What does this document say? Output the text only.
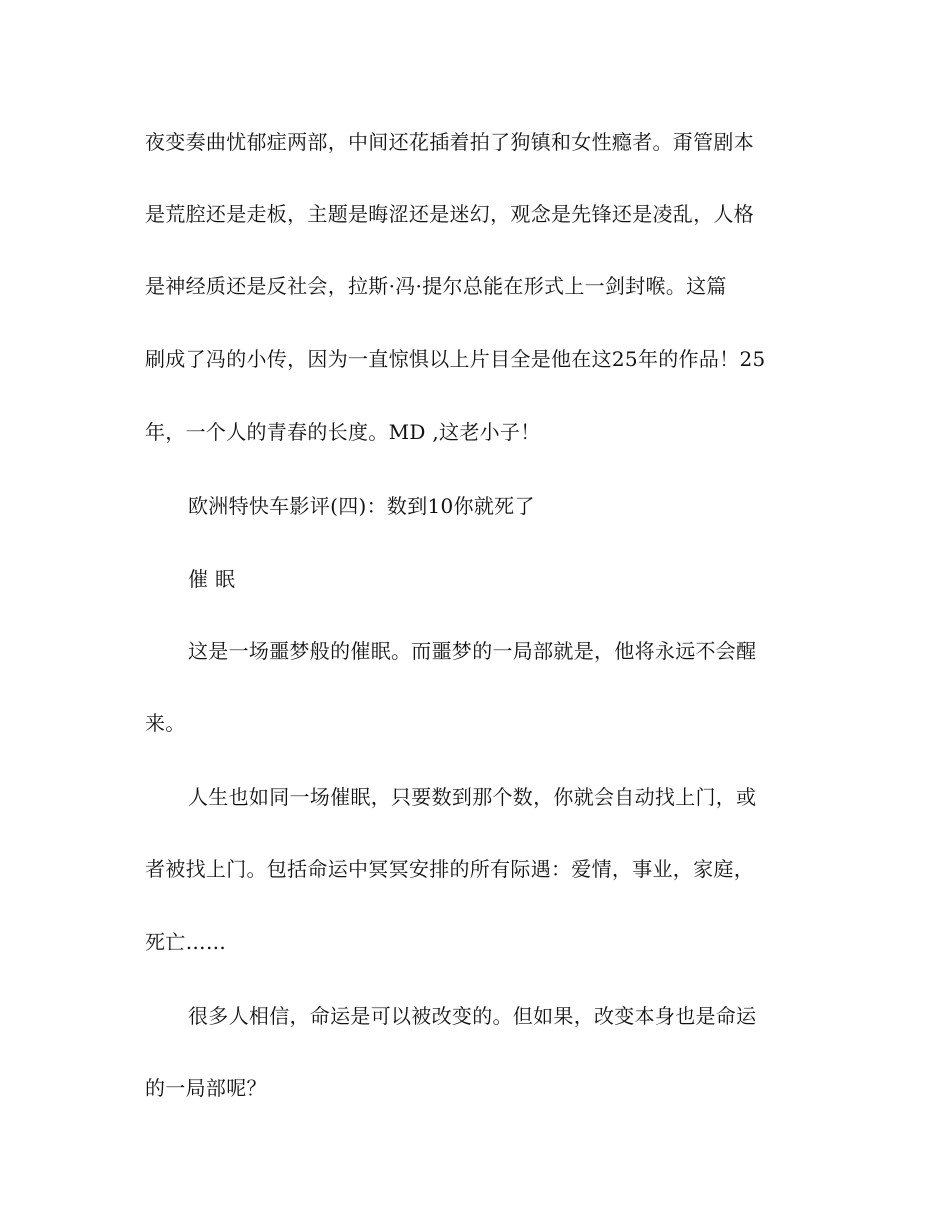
夜变奏曲忧郁症两部，中间还花插着拍了狗镇和女性瘾者。甭管剧本
是荒腔还是走板，主题是晦涩还是迷幻，观念是先锋还是凌乱，人格
是神经质还是反社会，拉斯·冯·提尔总能在形式上一剑封喉。这篇
刷成了冯的小传，因为一直惊惧以上片目全是他在这25年的作品！25
年，一个人的青春的长度。MD ,这老小子！
欧洲特快车影评(四)：数到10你就死了
催 眠
这是一场噩梦般的催眠。而噩梦的一局部就是，他将永远不会醒
来。
人生也如同一场催眠，只要数到那个数，你就会自动找上门，或
者被找上门。包括命运中冥冥安排的所有际遇：爱情，事业，家庭，
死亡……
很多人相信，命运是可以被改变的。但如果，改变本身也是命运
的一局部呢？
